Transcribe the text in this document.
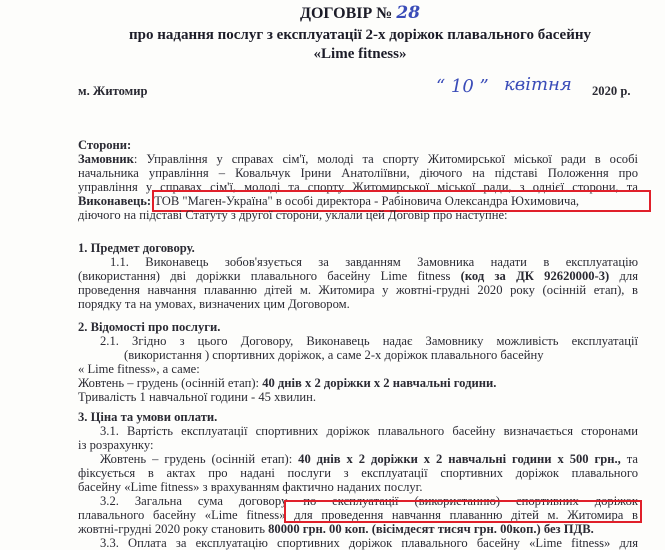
ДОГОВІР № 28
про надання послуг з експлуатації 2-х доріжок плавального басейну
«Lime fitness»
м. Житомир	“ 10 ” квітня 2020 р.
Сторони:
Замовник: Управління у справах сім'ї, молоді та спорту Житомирської міської ради в особі
начальника управління – Ковальчук Ірини Анатоліївни, діючого на підставі Положення про
управління у справах сім'ї, молоді та спорту Житомирської міської ради, з однієї сторони, та
Виконавець: ТОВ "Маген-Україна" в особі директора - Рабіновича Олександра Юхимовича,
діючого на підставі Статуту з другої сторони, уклали цей Договір про наступне:
1. Предмет договору.
1.1. Виконавець зобов'язується за завданням Замовника надати в експлуатацію
(використання) дві доріжки плавального басейну Lime fitness (код за ДК 92620000-3) для
проведення навчання плаванню дітей м. Житомира у жовтні-грудні 2020 року (осінній етап), в
порядку та на умовах, визначених цим Договором.
2. Відомості про послуги.
2.1. Згідно з цього Договору, Виконавець надає Замовнику можливість експлуатації
(використання ) спортивних доріжок, а саме 2-х доріжок плавального басейну
« Lime fitness», а саме:
Жовтень – грудень (осінній етап): 40 днів х 2 доріжки х 2 навчальні години.
Тривалість 1 навчальної години - 45 хвилин.
3. Ціна та умови оплати.
3.1. Вартість експлуатації спортивних доріжок плавального басейну визначається сторонами
із розрахунку:
Жовтень – грудень (осінній етап): 40 днів х 2 доріжки х 2 навчальні години х 500 грн., та
фіксується в актах про надані послуги з експлуатації спортивних доріжок плавального
басейну «Lime fitness» з врахуванням фактично наданих послуг.
3.2. Загальна сума договору по експлуатації (використанню) спортивних доріжок
плавального басейну «Lime fitness» для проведення навчання плаванню дітей м. Житомира в
жовтні-грудні 2020 року становить 80000 грн. 00 коп. (вісімдесят тисяч грн. 00коп.) без ПДВ.
3.3. Оплата за експлуатацію спортивних доріжок плавального басейну «Lime fitness» для
